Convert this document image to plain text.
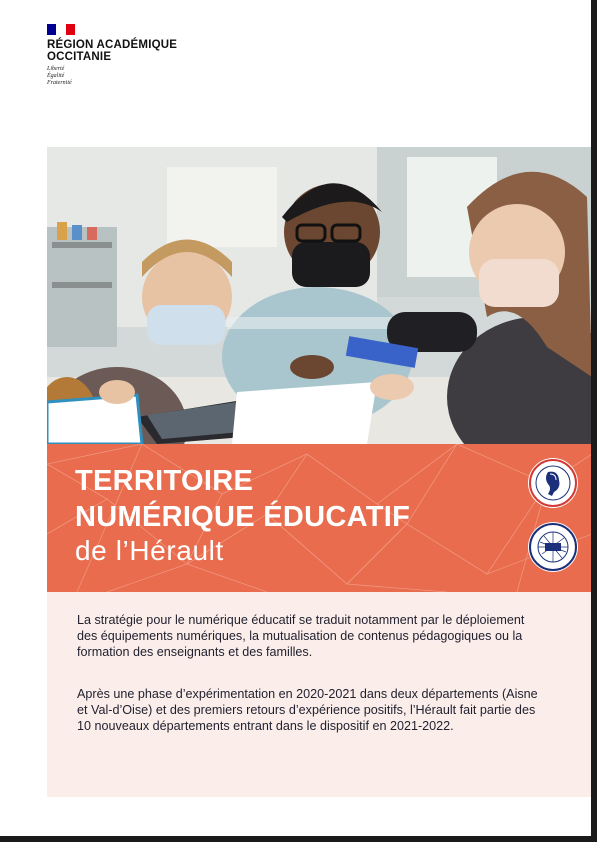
RÉGION ACADÉMIQUE
OCCITANIE
Liberté
Égalité
Fraternité
TERRITOIRE
NUMÉRIQUE ÉDUCATIF
de l’Hérault

La stratégie pour le numérique éducatif se traduit notamment par le déploiement des équipements numériques, la mutualisation de contenus pédagogiques ou la formation des enseignants et des familles.

Après une phase d’expérimentation en 2020-2021 dans deux départements (Aisne et Val-d’Oise) et des premiers retours d’expérience positifs, l’Hérault fait partie des 10 nouveaux départements entrant dans le dispositif en 2021-2022.
